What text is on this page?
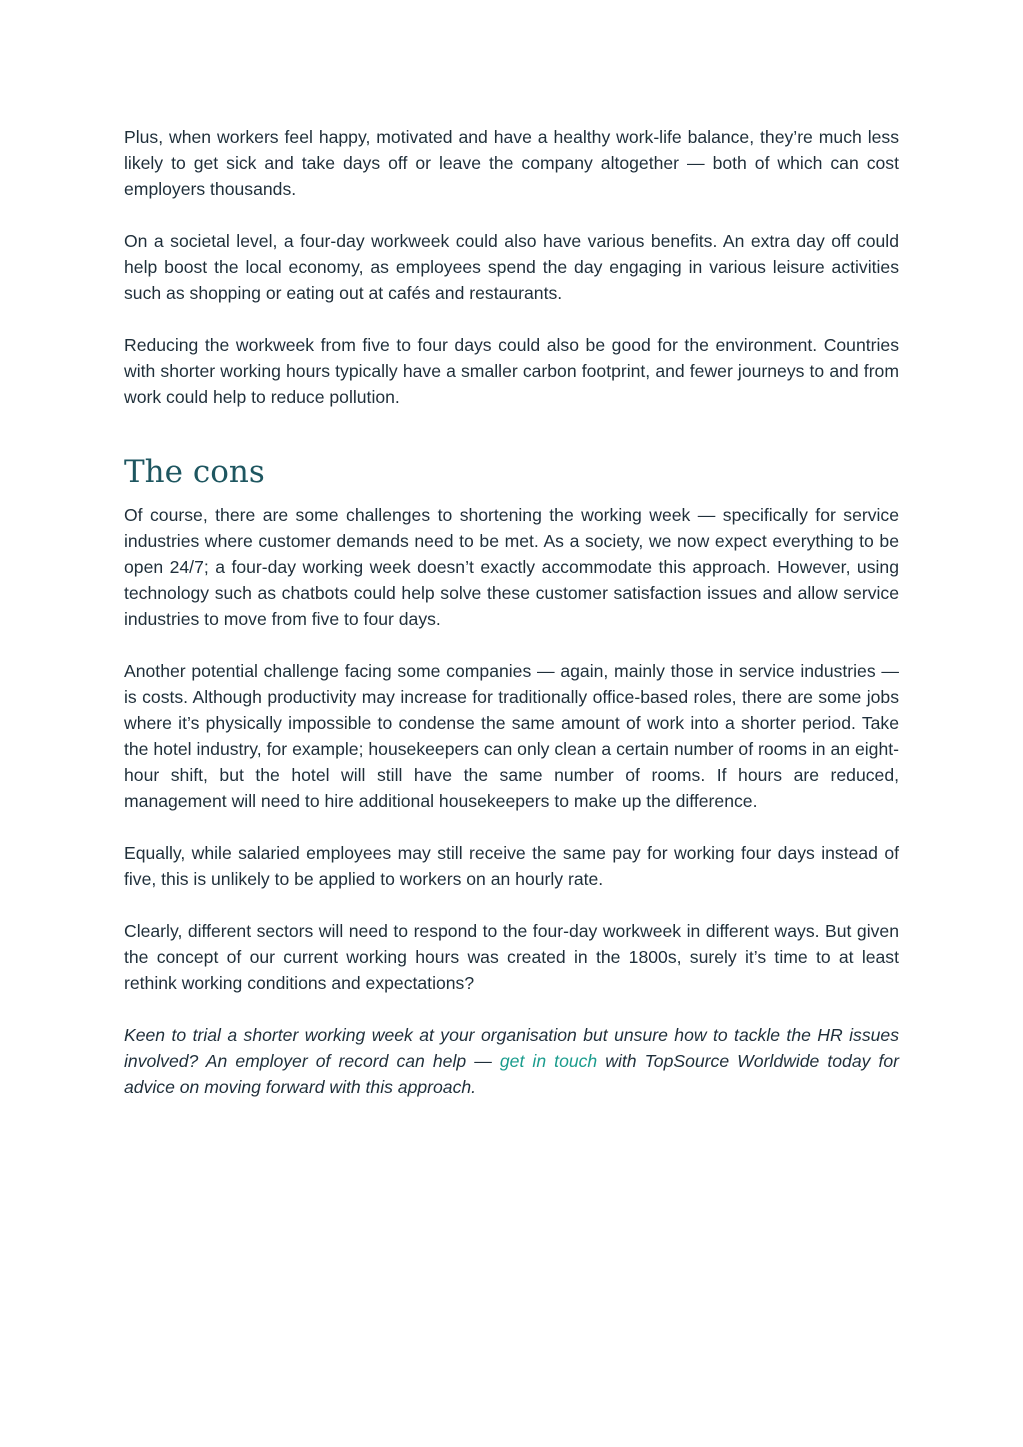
Plus, when workers feel happy, motivated and have a healthy work-life balance, they’re much less likely to get sick and take days off or leave the company altogether — both of which can cost employers thousands.

On a societal level, a four-day workweek could also have various benefits. An extra day off could help boost the local economy, as employees spend the day engaging in various leisure activities such as shopping or eating out at cafés and restaurants.

Reducing the workweek from five to four days could also be good for the environment. Countries with shorter working hours typically have a smaller carbon footprint, and fewer journeys to and from work could help to reduce pollution.

The cons

Of course, there are some challenges to shortening the working week — specifically for service industries where customer demands need to be met. As a society, we now expect everything to be open 24/7; a four-day working week doesn’t exactly accommodate this approach. However, using technology such as chatbots could help solve these customer satisfaction issues and allow service industries to move from five to four days.

Another potential challenge facing some companies — again, mainly those in service industries — is costs. Although productivity may increase for traditionally office-based roles, there are some jobs where it’s physically impossible to condense the same amount of work into a shorter period. Take the hotel industry, for example; housekeepers can only clean a certain number of rooms in an eight-hour shift, but the hotel will still have the same number of rooms. If hours are reduced, management will need to hire additional housekeepers to make up the difference.

Equally, while salaried employees may still receive the same pay for working four days instead of five, this is unlikely to be applied to workers on an hourly rate.

Clearly, different sectors will need to respond to the four-day workweek in different ways. But given the concept of our current working hours was created in the 1800s, surely it’s time to at least rethink working conditions and expectations?

Keen to trial a shorter working week at your organisation but unsure how to tackle the HR issues involved? An employer of record can help — get in touch with TopSource Worldwide today for advice on moving forward with this approach.
